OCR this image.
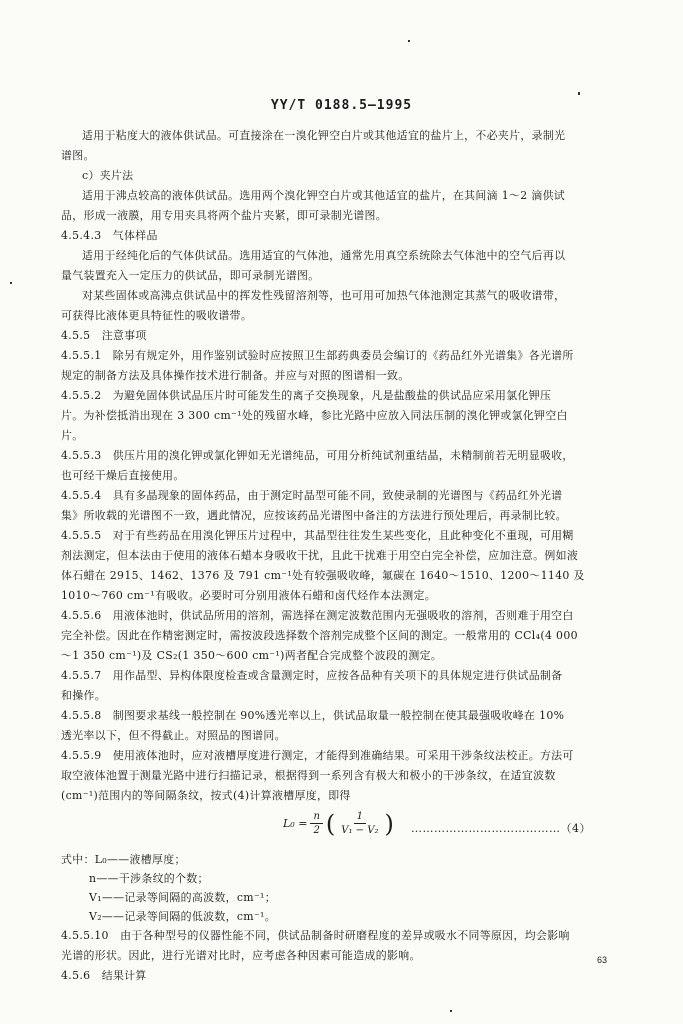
YY/T 0188.5—1995
适用于粘度大的液体供试品。可直接涂在一溴化钾空白片或其他适宜的盐片上，不必夹片，录制光
谱图。
c）夹片法
适用于沸点较高的液体供试品。选用两个溴化钾空白片或其他适宜的盐片，在其间滴 1～2 滴供试
品，形成一液膜，用专用夹具将两个盐片夹紧，即可录制光谱图。
4.5.4.3　气体样品
适用于经纯化后的气体供试品。选用适宜的气体池，通常先用真空系统除去气体池中的空气后再以
量气装置充入一定压力的供试品，即可录制光谱图。
对某些固体或高沸点供试品中的挥发性残留溶剂等，也可用可加热气体池测定其蒸气的吸收谱带，
可获得比液体更具特征性的吸收谱带。
4.5.5　注意事项
4.5.5.1　除另有规定外，用作鉴别试验时应按照卫生部药典委员会编订的《药品红外光谱集》各光谱所
规定的制备方法及具体操作技术进行制备。并应与对照的图谱相一致。
4.5.5.2　为避免固体供试品压片时可能发生的离子交换现象，凡是盐酸盐的供试品应采用氯化钾压
片。为补偿抵消出现在 3 300 cm⁻¹处的残留水峰，参比光路中应放入同法压制的溴化钾或氯化钾空白
片。
4.5.5.3　供压片用的溴化钾或氯化钾如无光谱纯品，可用分析纯试剂重结晶，未精制前若无明显吸收，
也可经干燥后直接使用。
4.5.5.4　具有多晶现象的固体药品，由于测定时晶型可能不同，致使录制的光谱图与《药品红外光谱
集》所收载的光谱图不一致，遇此情况，应按该药品光谱图中备注的方法进行预处理后，再录制比较。
4.5.5.5　对于有些药品在用溴化钾压片过程中，其晶型往往发生某些变化，且此种变化不重现，可用糊
剂法测定，但本法由于使用的液体石蜡本身吸收干扰，且此干扰难于用空白完全补偿，应加注意。例如液
体石蜡在 2915、1462、1376 及 791 cm⁻¹处有较强吸收峰，氟碳在 1640～1510、1200～1140 及
1010～760 cm⁻¹有吸收。必要时可分别用液体石蜡和卤代烃作本法测定。
4.5.5.6　用液体池时，供试品所用的溶剂，需选择在测定波数范围内无强吸收的溶剂，否则难于用空白
完全补偿。因此在作精密测定时，需按波段选择数个溶剂完成整个区间的测定。一般常用的 CCl₄(4 000
～1 350 cm⁻¹)及 CS₂(1 350～600 cm⁻¹)两者配合完成整个波段的测定。
4.5.5.7　用作晶型、异构体限度检查或含量测定时，应按各品种有关项下的具体规定进行供试品制备
和操作。
4.5.5.8　制图要求基线一般控制在 90%透光率以上，供试品取量一般控制在使其最强吸收峰在 10%
透光率以下，但不得截止。对照品的图谱同。
4.5.5.9　使用液体池时，应对液槽厚度进行测定，才能得到准确结果。可采用干涉条纹法校正。方法可
取空液体池置于测量光路中进行扫描记录，根据得到一系列含有极大和极小的干涉条纹，在适宜波数
(cm⁻¹)范围内的等间隔条纹，按式(4)计算液槽厚度，即得
$L_0 = \frac{n}{2}$ ( $\frac{1}{\text{V₁ − V₂}}$ ) …………………………………（4）
式中：L₀——液槽厚度；
n——干涉条纹的个数；
V₁——记录等间隔的高波数，cm⁻¹；
V₂——记录等间隔的低波数，cm⁻¹。
4.5.5.10　由于各种型号的仪器性能不同，供试品制备时研磨程度的差异或吸水不同等原因，均会影响
光谱的形状。因此，进行光谱对比时，应考虑各种因素可能造成的影响。
4.5.6　结果计算
63
